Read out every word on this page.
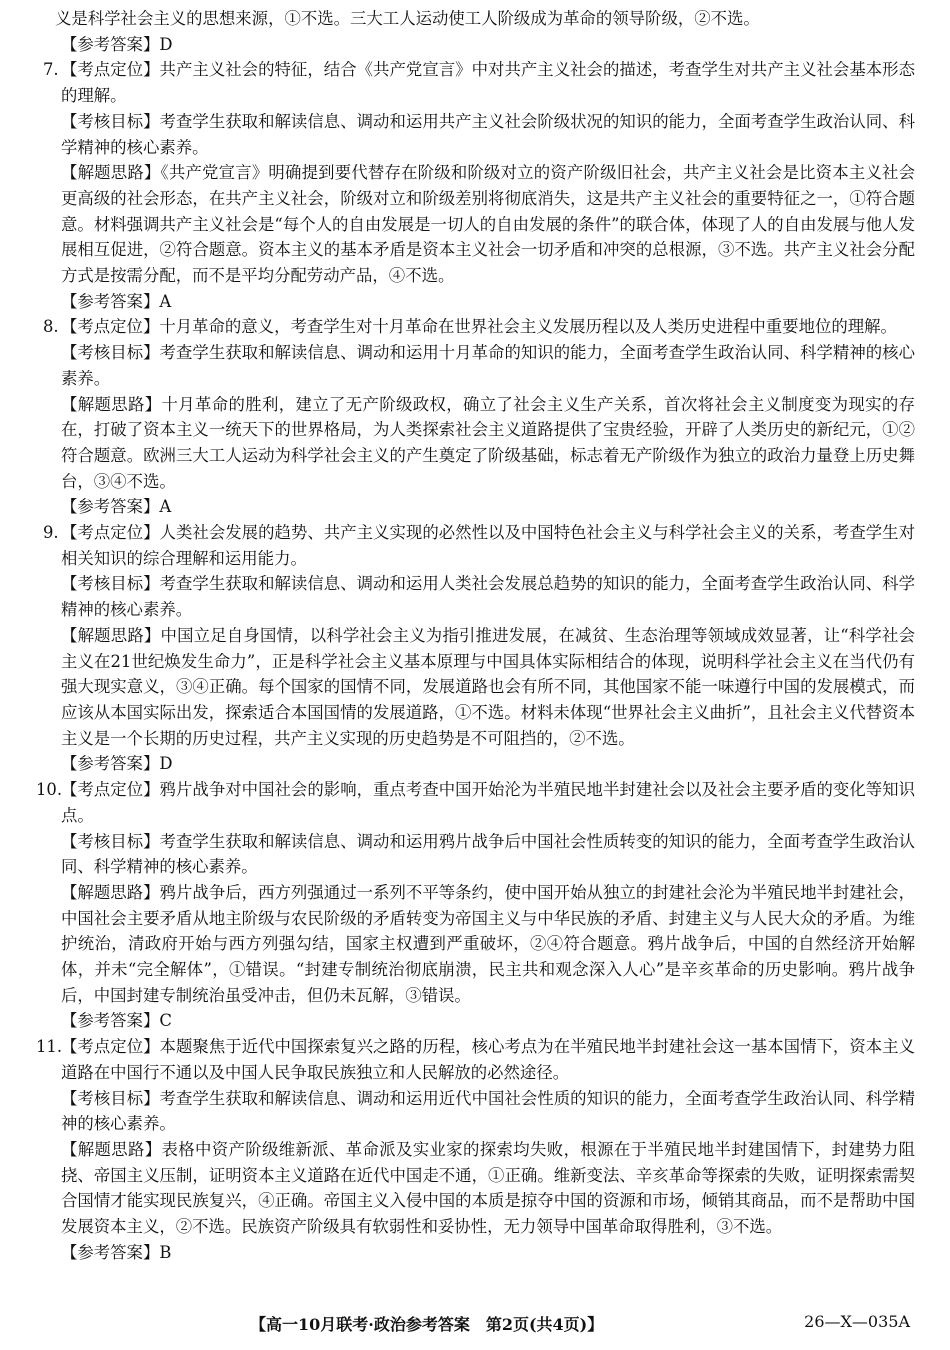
义是科学社会主义的思想来源，①不选。三大工人运动使工人阶级成为革命的领导阶级，②不选。

【参考答案】D

7. 【考点定位】共产主义社会的特征，结合《共产党宣言》中对共产主义社会的描述，考查学生对共产主义社会基本形态的理解。

【考核目标】考查学生获取和解读信息、调动和运用共产主义社会阶级状况的知识的能力，全面考查学生政治认同、科学精神的核心素养。

【解题思路】《共产党宣言》明确提到要代替存在阶级和阶级对立的资产阶级旧社会，共产主义社会是比资本主义社会更高级的社会形态，在共产主义社会，阶级对立和阶级差别将彻底消失，这是共产主义社会的重要特征之一，①符合题意。材料强调共产主义社会是“每个人的自由发展是一切人的自由发展的条件”的联合体，体现了人的自由发展与他人发展相互促进，②符合题意。资本主义的基本矛盾是资本主义社会一切矛盾和冲突的总根源，③不选。共产主义社会分配方式是按需分配，而不是平均分配劳动产品，④不选。

【参考答案】A

8. 【考点定位】十月革命的意义，考查学生对十月革命在世界社会主义发展历程以及人类历史进程中重要地位的理解。

【考核目标】考查学生获取和解读信息、调动和运用十月革命的知识的能力，全面考查学生政治认同、科学精神的核心素养。

【解题思路】十月革命的胜利，建立了无产阶级政权，确立了社会主义生产关系，首次将社会主义制度变为现实的存在，打破了资本主义一统天下的世界格局，为人类探索社会主义道路提供了宝贵经验，开辟了人类历史的新纪元，①②符合题意。欧洲三大工人运动为科学社会主义的产生奠定了阶级基础，标志着无产阶级作为独立的政治力量登上历史舞台，③④不选。

【参考答案】A

9. 【考点定位】人类社会发展的趋势、共产主义实现的必然性以及中国特色社会主义与科学社会主义的关系，考查学生对相关知识的综合理解和运用能力。

【考核目标】考查学生获取和解读信息、调动和运用人类社会发展总趋势的知识的能力，全面考查学生政治认同、科学精神的核心素养。

【解题思路】中国立足自身国情，以科学社会主义为指引推进发展，在减贫、生态治理等领域成效显著，让“科学社会主义在21世纪焕发生命力”，正是科学社会主义基本原理与中国具体实际相结合的体现，说明科学社会主义在当代仍有强大现实意义，③④正确。每个国家的国情不同，发展道路也会有所不同，其他国家不能一味遵行中国的发展模式，而应该从本国实际出发，探索适合本国国情的发展道路，①不选。材料未体现“世界社会主义曲折”，且社会主义代替资本主义是一个长期的历史过程，共产主义实现的历史趋势是不可阻挡的，②不选。

【参考答案】D

10.
【考点定位】鸦片战争对中国社会的影响，重点考查中国开始沦为半殖民地半封建社会以及社会主要矛盾的变化等知识点。

【考核目标】考查学生获取和解读信息、调动和运用鸦片战争后中国社会性质转变的知识的能力，全面考查学生政治认同、科学精神的核心素养。

【解题思路】鸦片战争后，西方列强通过一系列不平等条约，使中国开始从独立的封建社会沦为半殖民地半封建社会，中国社会主要矛盾从地主阶级与农民阶级的矛盾转变为帝国主义与中华民族的矛盾、封建主义与人民大众的矛盾。为维护统治，清政府开始与西方列强勾结，国家主权遭到严重破坏，②④符合题意。鸦片战争后，中国的自然经济开始解体，并未“完全解体”，①错误。“封建专制统治彻底崩溃，民主共和观念深入人心”是辛亥革命的历史影响。鸦片战争后，中国封建专制统治虽受冲击，但仍未瓦解，③错误。

【参考答案】C

11.
【考点定位】本题聚焦于近代中国探索复兴之路的历程，核心考点为在半殖民地半封建社会这一基本国情下，资本主义道路在中国行不通以及中国人民争取民族独立和人民解放的必然途径。

【考核目标】考查学生获取和解读信息、调动和运用近代中国社会性质的知识的能力，全面考查学生政治认同、科学精神的核心素养。

【解题思路】表格中资产阶级维新派、革命派及实业家的探索均失败，根源在于半殖民地半封建国情下，封建势力阻挠、帝国主义压制，证明资本主义道路在近代中国走不通，①正确。维新变法、辛亥革命等探索的失败，证明探索需契合国情才能实现民族复兴，④正确。帝国主义入侵中国的本质是掠夺中国的资源和市场，倾销其商品，而不是帮助中国发展资本主义，②不选。民族资产阶级具有软弱性和妥协性，无力领导中国革命取得胜利，③不选。

【参考答案】B

【高一10月联考·政治参考答案　第2页(共4页)】	26—X—035A
